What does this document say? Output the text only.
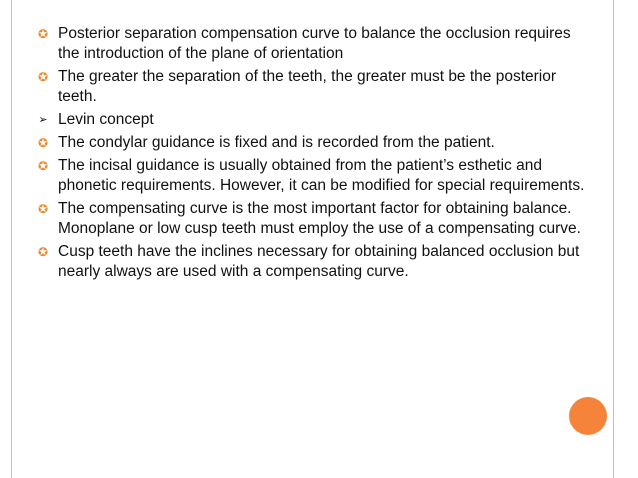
✪ Posterior separation compensation curve to balance the occlusion requires the introduction of the plane of orientation
✪ The greater the separation of the teeth, the greater must be the posterior teeth.
➢ Levin concept
✪ The condylar guidance is fixed and is recorded from the patient.
✪ The incisal guidance is usually obtained from the patient’s esthetic and phonetic requirements. However, it can be modified for special requirements.
✪ The compensating curve is the most important factor for obtaining balance. Monoplane or low cusp teeth must employ the use of a compensating curve.
✪ Cusp teeth have the inclines necessary for obtaining balanced occlusion but nearly always are used with a compensating curve.
